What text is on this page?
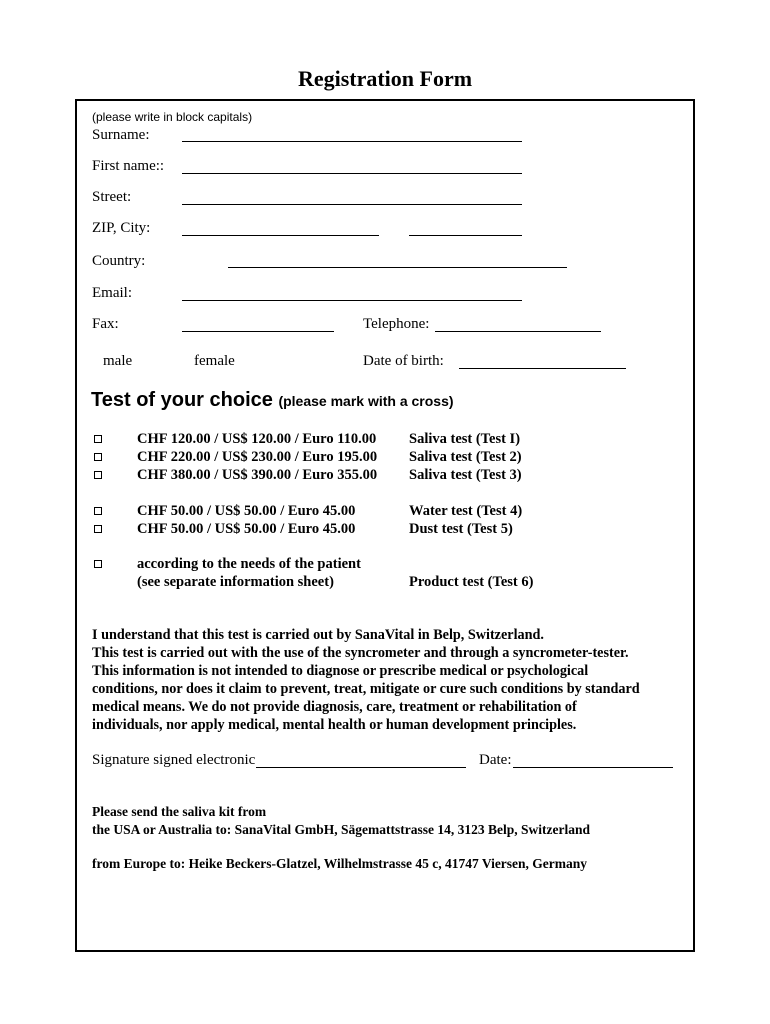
Registration Form
(please write in block capitals)
Surname:
First name::
Street:
ZIP, City:
Country:
Email:
Fax:	Telephone:
male	female	Date of birth:
Test of your choice (please mark with a cross)
CHF 120.00 / US$ 120.00 / Euro 110.00 Saliva test (Test I)
CHF 220.00 / US$ 230.00 / Euro 195.00 Saliva test (Test 2)
CHF 380.00 / US$ 390.00 / Euro 355.00 Saliva test (Test 3)
CHF 50.00 / US$ 50.00 / Euro 45.00	Water test (Test 4)
CHF 50.00 / US$ 50.00 / Euro 45.00	Dust test (Test 5)
according to the needs of the patient
(see separate information sheet)	Product test (Test 6)
I understand that this test is carried out by SanaVital in Belp, Switzerland.
This test is carried out with the use of the syncrometer and through a syncrometer-tester.
This information is not intended to diagnose or prescribe medical or psychological
conditions, nor does it claim to prevent, treat, mitigate or cure such conditions by standard
medical means. We do not provide diagnosis, care, treatment or rehabilitation of
individuals, nor apply medical, mental health or human development principles.
Signature signed electronic	Date:
Please send the saliva kit from
the USA or Australia to: SanaVital GmbH, Sägemattstrasse 14, 3123 Belp, Switzerland
from Europe to: Heike Beckers-Glatzel, Wilhelmstrasse 45 c, 41747 Viersen, Germany
